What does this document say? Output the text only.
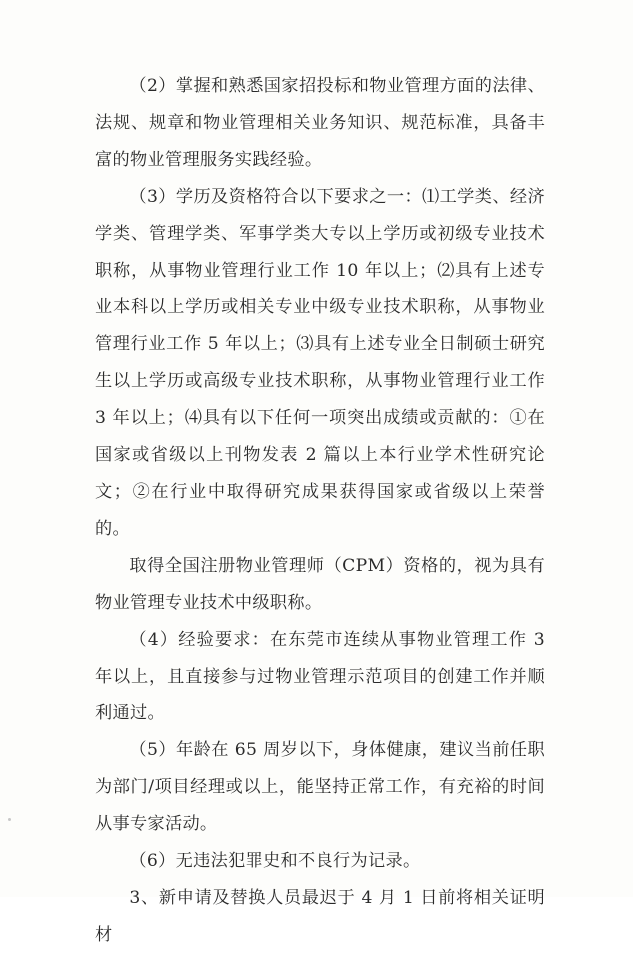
（2）掌握和熟悉国家招投标和物业管理方面的法律、法规、规章和物业管理相关业务知识、规范标准，具备丰富的物业管理服务实践经验。

（3）学历及资格符合以下要求之一：⑴工学类、经济学类、管理学类、军事学类大专以上学历或初级专业技术职称，从事物业管理行业工作 10 年以上；⑵具有上述专业本科以上学历或相关专业中级专业技术职称，从事物业管理行业工作 5 年以上；⑶具有上述专业全日制硕士研究生以上学历或高级专业技术职称，从事物业管理行业工作 3 年以上；⑷具有以下任何一项突出成绩或贡献的：①在国家或省级以上刊物发表 2 篇以上本行业学术性研究论文；②在行业中取得研究成果获得国家或省级以上荣誉的。

取得全国注册物业管理师（CPM）资格的，视为具有物业管理专业技术中级职称。

（4）经验要求：在东莞市连续从事物业管理工作 3 年以上，且直接参与过物业管理示范项目的创建工作并顺利通过。

（5）年龄在 65 周岁以下，身体健康，建议当前任职为部门/项目经理或以上，能坚持正常工作，有充裕的时间从事专家活动。

（6）无违法犯罪史和不良行为记录。

3、新申请及替换人员最迟于 4 月 1 日前将相关证明材
